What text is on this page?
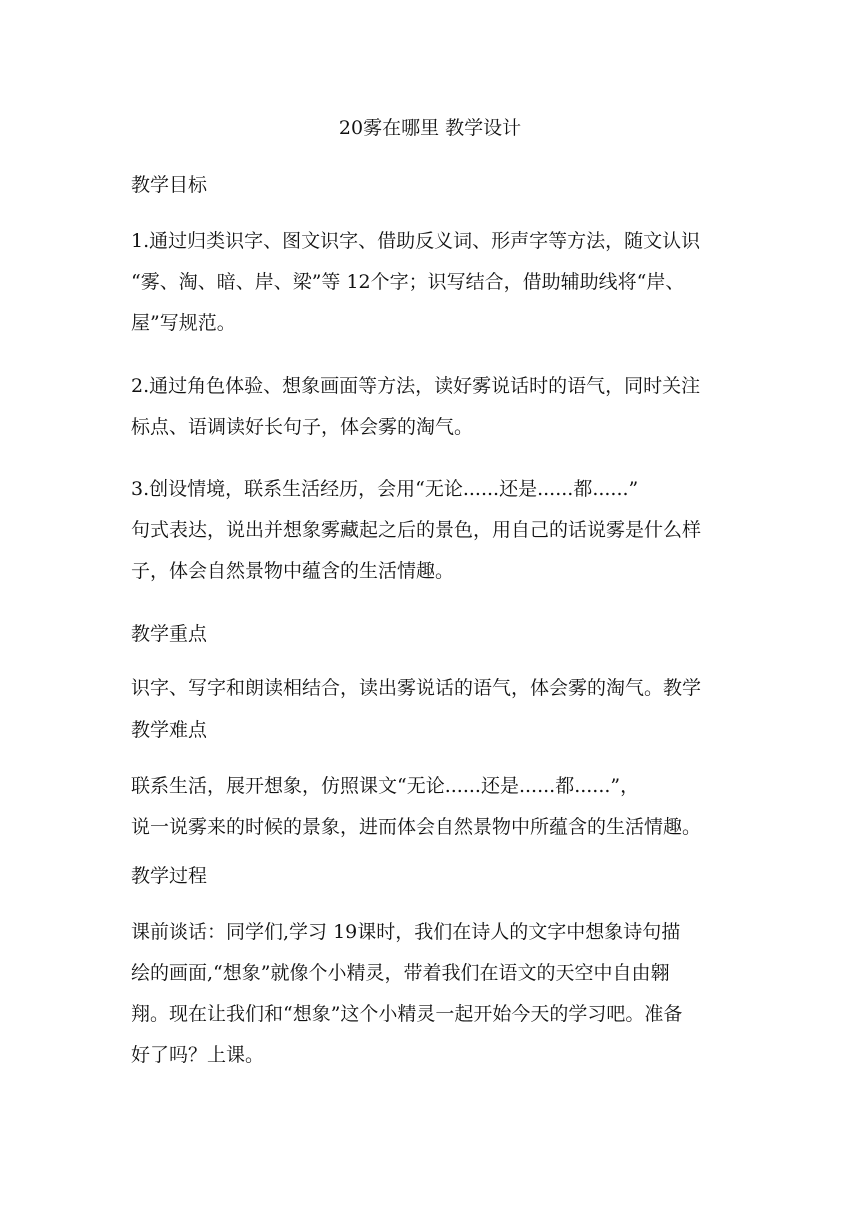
20雾在哪里 教学设计
教学目标
1.通过归类识字、图文识字、借助反义词、形声字等方法，随文认识
“雾、淘、暗、岸、梁”等 12个字；识写结合，借助辅助线将“岸、
屋”写规范。
2.通过角色体验、想象画面等方法，读好雾说话时的语气，同时关注
标点、语调读好长句子，体会雾的淘气。
3.创设情境，联系生活经历，会用“无论......还是......都......”
句式表达，说出并想象雾藏起之后的景色，用自己的话说雾是什么样
子，体会自然景物中蕴含的生活情趣。
教学重点
识字、写字和朗读相结合，读出雾说话的语气，体会雾的淘气。教学
教学难点
联系生活，展开想象，仿照课文“无论......还是......都......”，
说一说雾来的时候的景象，进而体会自然景物中所蕴含的生活情趣。
教学过程
课前谈话：同学们,学习 19课时，我们在诗人的文字中想象诗句描
绘的画面,“想象”就像个小精灵，带着我们在语文的天空中自由翱
翔。现在让我们和“想象”这个小精灵一起开始今天的学习吧。准备
好了吗？上课。
